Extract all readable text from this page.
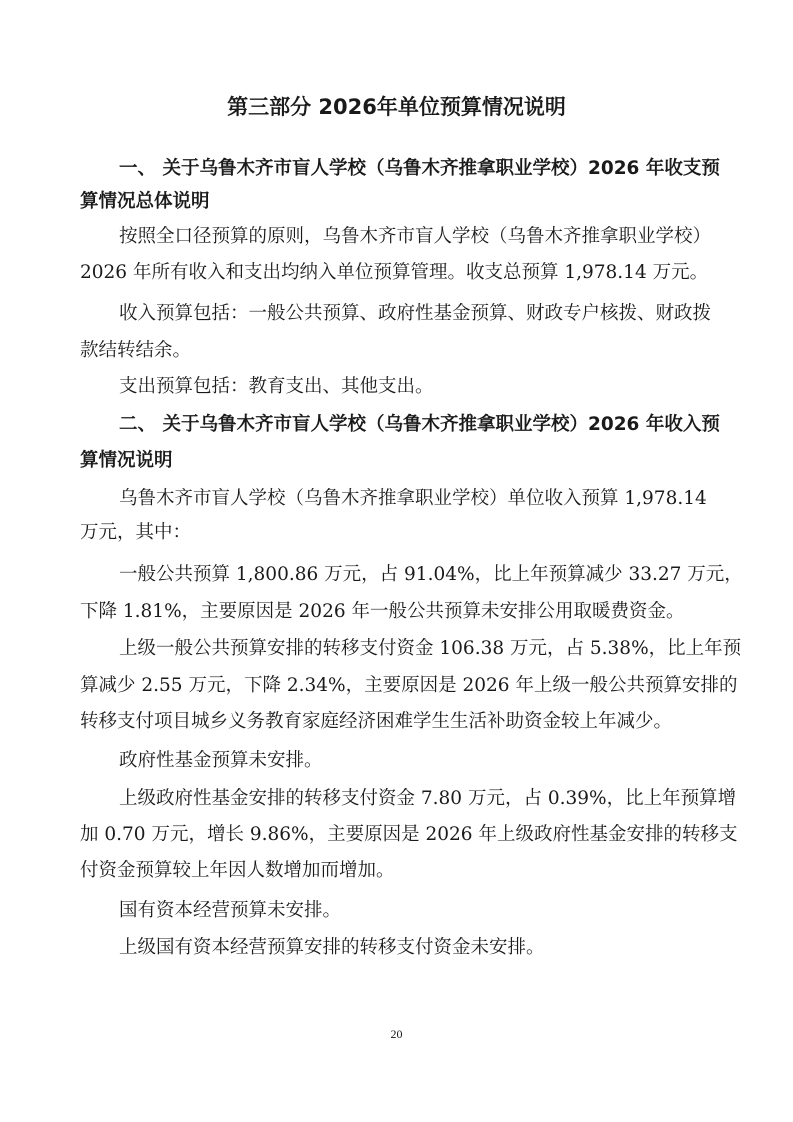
第三部分 2026年单位预算情况说明
一、 关于乌鲁木齐市盲人学校（乌鲁木齐推拿职业学校）2026 年收支预
算情况总体说明
按照全口径预算的原则，乌鲁木齐市盲人学校（乌鲁木齐推拿职业学校）
2026 年所有收入和支出均纳入单位预算管理。收支总预算 1,978.14 万元。
收入预算包括：一般公共预算、政府性基金预算、财政专户核拨、财政拨
款结转结余。
支出预算包括：教育支出、其他支出。
二、 关于乌鲁木齐市盲人学校（乌鲁木齐推拿职业学校）2026 年收入预
算情况说明
乌鲁木齐市盲人学校（乌鲁木齐推拿职业学校）单位收入预算 1,978.14
万元，其中：
一般公共预算 1,800.86 万元，占 91.04%，比上年预算减少 33.27 万元，
下降 1.81%，主要原因是 2026 年一般公共预算未安排公用取暖费资金。
上级一般公共预算安排的转移支付资金 106.38 万元，占 5.38%，比上年预
算减少 2.55 万元，下降 2.34%，主要原因是 2026 年上级一般公共预算安排的
转移支付项目城乡义务教育家庭经济困难学生生活补助资金较上年减少。
政府性基金预算未安排。
上级政府性基金安排的转移支付资金 7.80 万元，占 0.39%，比上年预算增
加 0.70 万元，增长 9.86%，主要原因是 2026 年上级政府性基金安排的转移支
付资金预算较上年因人数增加而增加。
国有资本经营预算未安排。
上级国有资本经营预算安排的转移支付资金未安排。
20
